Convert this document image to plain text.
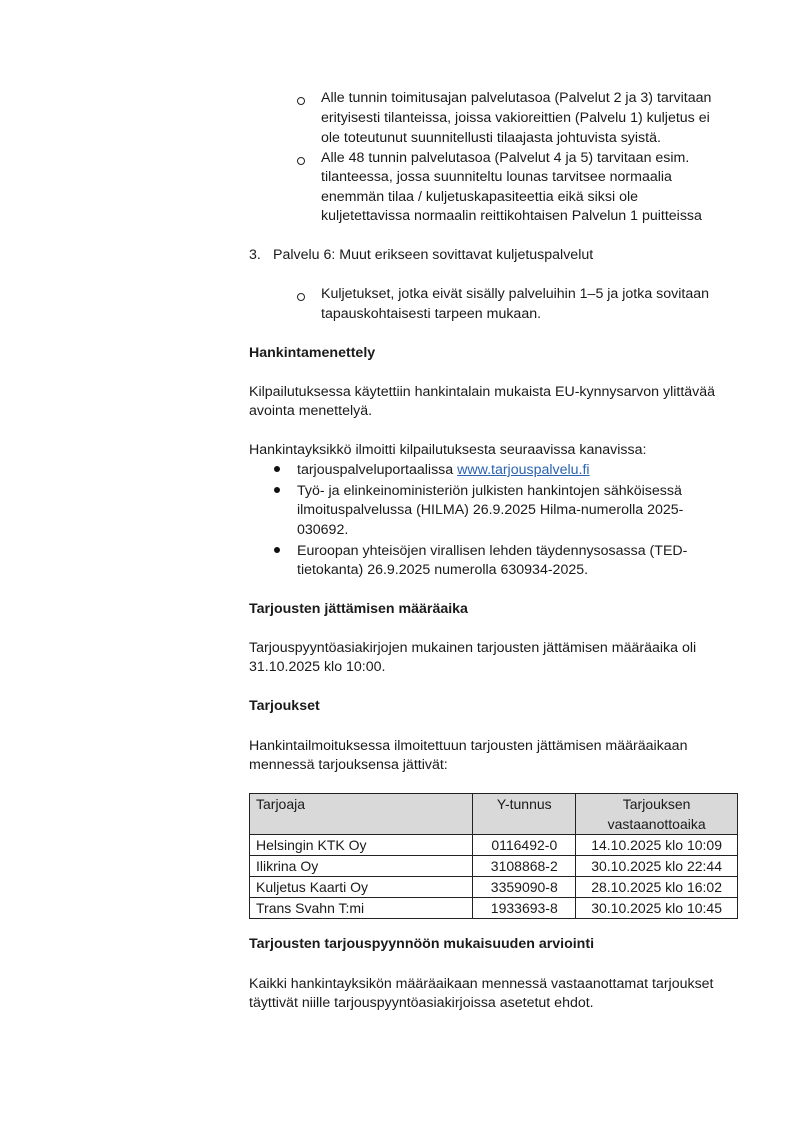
Alle tunnin toimitusajan palvelutasoa (Palvelut 2 ja 3) tarvitaan
erityisesti tilanteissa, joissa vakioreittien (Palvelu 1) kuljetus ei
ole toteutunut suunnitellusti tilaajasta johtuvista syistä.
Alle 48 tunnin palvelutasoa (Palvelut 4 ja 5) tarvitaan esim.
tilanteessa, jossa suunniteltu lounas tarvitsee normaalia
enemmän tilaa / kuljetuskapasiteettia eikä siksi ole
kuljetettavissa normaalin reittikohtaisen Palvelun 1 puitteissa
3. Palvelu 6: Muut erikseen sovittavat kuljetuspalvelut
Kuljetukset, jotka eivät sisälly palveluihin 1–5 ja jotka sovitaan
tapauskohtaisesti tarpeen mukaan.
Hankintamenettely
Kilpailutuksessa käytettiin hankintalain mukaista EU-kynnysarvon ylittävää
avointa menettelyä.
Hankintayksikkö ilmoitti kilpailutuksesta seuraavissa kanavissa:
tarjouspalveluportaalissa www.tarjouspalvelu.fi
Työ- ja elinkeinoministeriön julkisten hankintojen sähköisessä
ilmoituspalvelussa (HILMA) 26.9.2025 Hilma-numerolla 2025-
030692.
Euroopan yhteisöjen virallisen lehden täydennysosassa (TED-
tietokanta) 26.9.2025 numerolla 630934-2025.
Tarjousten jättämisen määräaika
Tarjouspyyntöasiakirjojen mukainen tarjousten jättämisen määräaika oli
31.10.2025 klo 10:00.
Tarjoukset
Hankintailmoituksessa ilmoitettuun tarjousten jättämisen määräaikaan
mennessä tarjouksensa jättivät:
Tarjoaja	Y-tunnus	Tarjouksen
vastaanottoaika
Helsingin KTK Oy	0116492-0	14.10.2025 klo 10:09
Ilikrina Oy	3108868-2	30.10.2025 klo 22:44
Kuljetus Kaarti Oy	3359090-8	28.10.2025 klo 16:02
Trans Svahn T:mi	1933693-8	30.10.2025 klo 10:45
Tarjousten tarjouspyynnöön mukaisuuden arviointi
Kaikki hankintayksikön määräaikaan mennessä vastaanottamat tarjoukset
täyttivät niille tarjouspyyntöasiakirjoissa asetetut ehdot.
